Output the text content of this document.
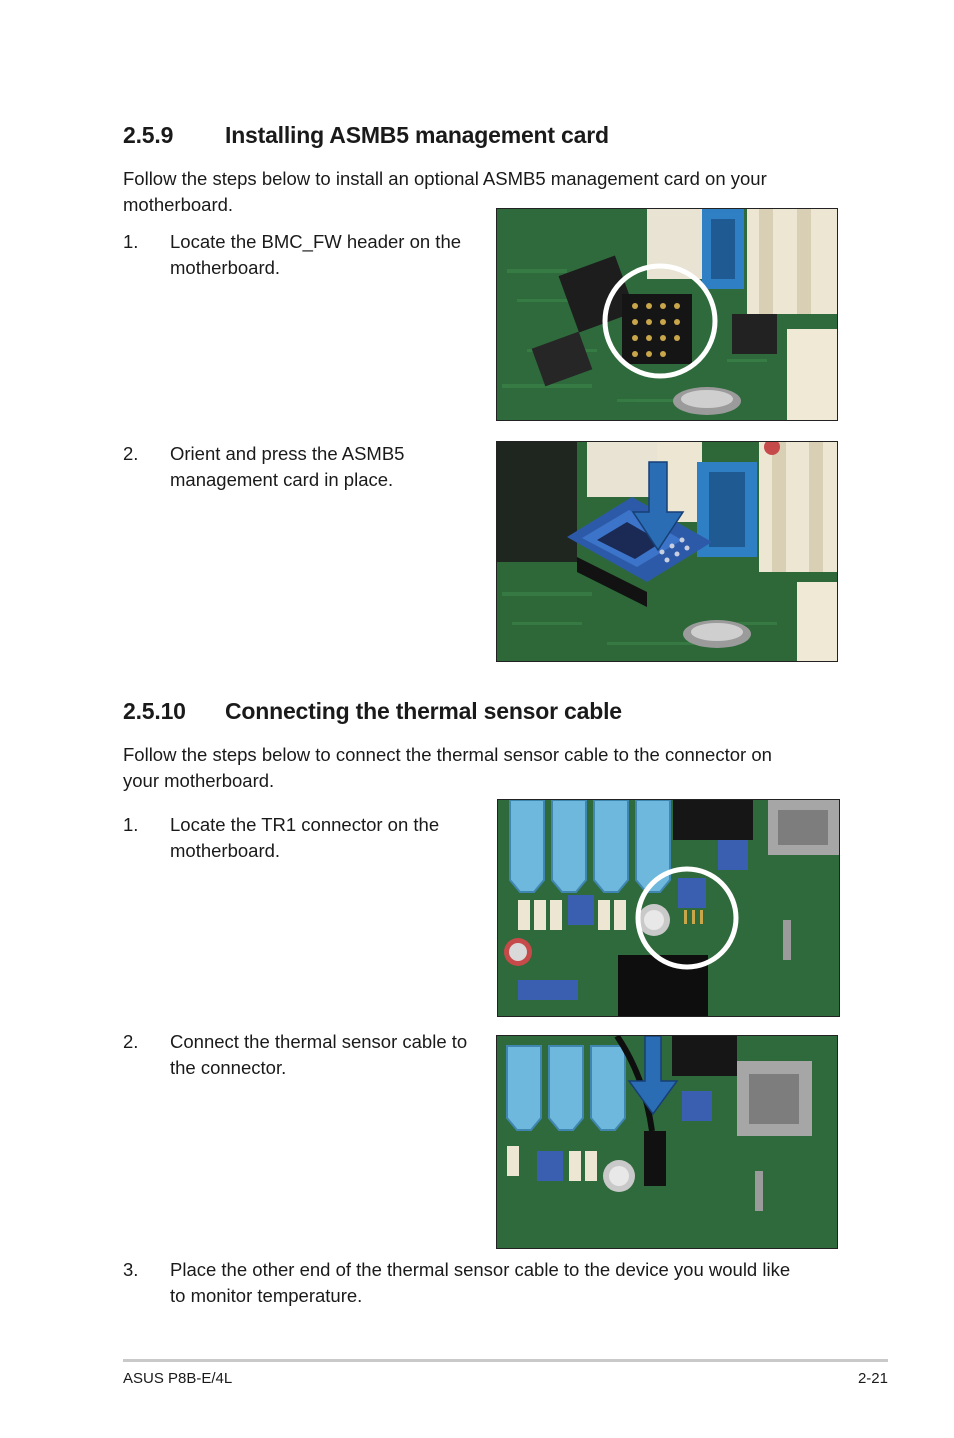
2.5.9 Installing ASMB5 management card
Follow the steps below to install an optional ASMB5 management card on your
motherboard.
1. Locate the BMC_FW header on the
motherboard.
2. Orient and press the ASMB5
management card in place.
2.5.10 Connecting the thermal sensor cable
Follow the steps below to connect the thermal sensor cable to the connector on
your motherboard.
1. Locate the TR1 connector on the
motherboard.
2. Connect the thermal sensor cable to
the connector.
3. Place the other end of the thermal sensor cable to the device you would like
to monitor temperature.
ASUS P8B-E/4L	2-21
